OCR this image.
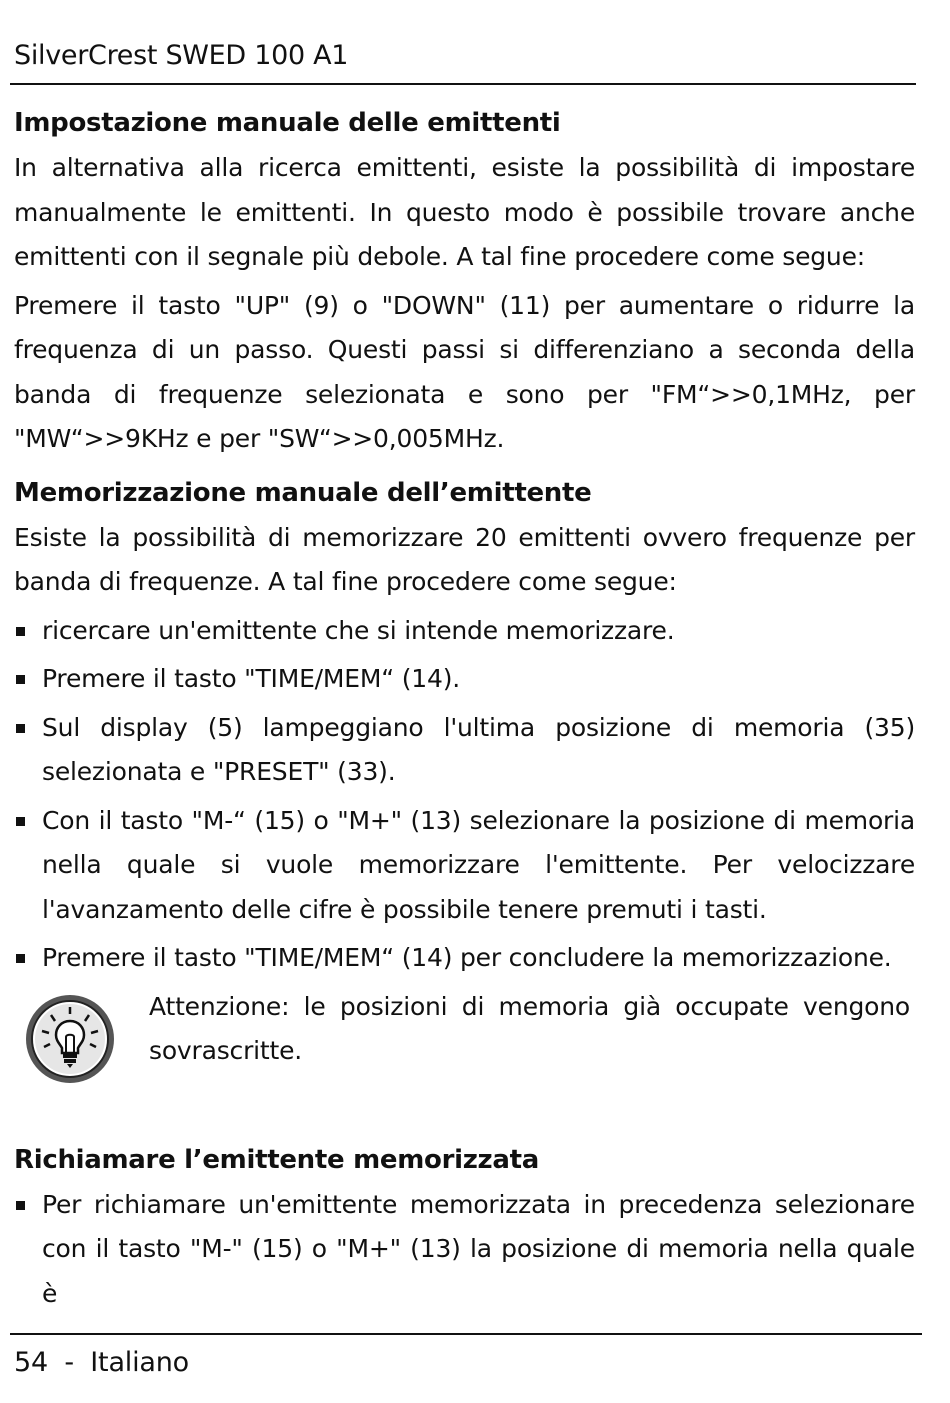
SilverCrest SWED 100 A1
Impostazione manuale delle emittenti

In alternativa alla ricerca emittenti, esiste la possibilità di impostare manualmente le emittenti. In questo modo è possibile trovare anche emittenti con il segnale più debole. A tal fine procedere come segue:

Premere il tasto "UP" (9) o "DOWN" (11) per aumentare o ridurre la frequenza di un passo. Questi passi si differenziano a seconda della banda di frequenze selezionata e sono per "FM“>>0,1MHz, per "MW“>>9KHz e per "SW“>>0,005MHz.

Memorizzazione manuale dell’emittente

Esiste la possibilità di memorizzare 20 emittenti ovvero frequenze per banda di frequenze. A tal fine procedere come segue:

ricercare un'emittente che si intende memorizzare.
Premere il tasto "TIME/MEM“ (14).
Sul display (5) lampeggiano l'ultima posizione di memoria (35) selezionata e "PRESET" (33).
Con il tasto "M-“ (15) o "M+" (13) selezionare la posizione di memoria nella quale si vuole memorizzare l'emittente. Per velocizzare l'avanzamento delle cifre è possibile tenere premuti i tasti.
Premere il tasto "TIME/MEM“ (14) per concludere la memorizzazione.
Attenzione: le posizioni di memoria già occupate vengono sovrascritte.
Richiamare l’emittente memorizzata
Per richiamare un'emittente memorizzata in precedenza selezionare con il tasto "M-" (15) o "M+" (13) la posizione di memoria nella quale è
54 - Italiano
